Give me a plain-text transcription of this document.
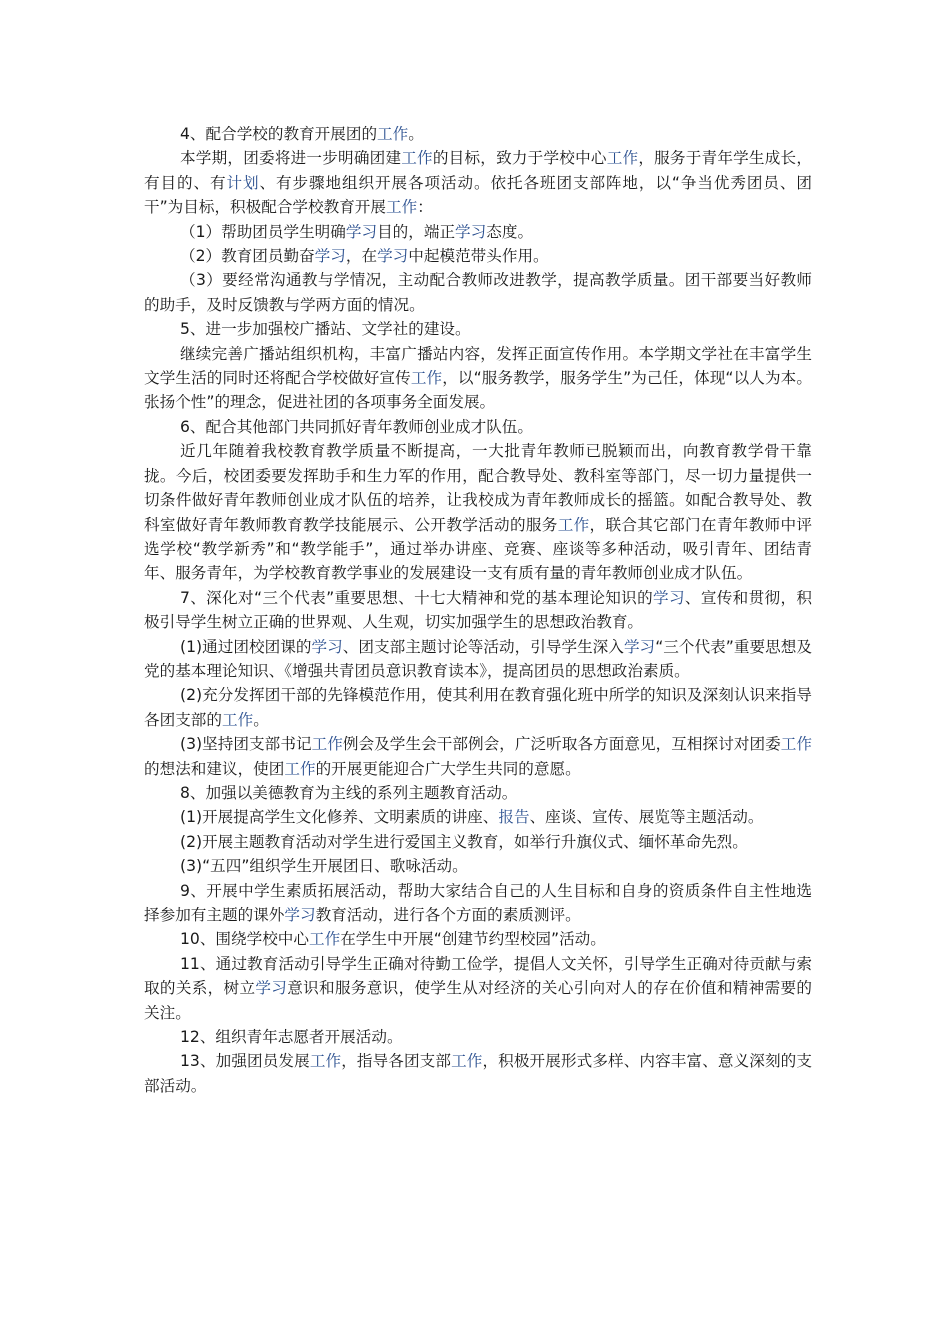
4、配合学校的教育开展团的工作。

本学期，团委将进一步明确团建工作的目标，致力于学校中心工作，服务于青年学生成长，有目的、有计划、有步骤地组织开展各项活动。依托各班团支部阵地，以“争当优秀团员、团干”为目标，积极配合学校教育开展工作：

（1）帮助团员学生明确学习目的，端正学习态度。

（2）教育团员勤奋学习，在学习中起模范带头作用。

（3）要经常沟通教与学情况，主动配合教师改进教学，提高教学质量。团干部要当好教师的助手，及时反馈教与学两方面的情况。

5、进一步加强校广播站、文学社的建设。

继续完善广播站组织机构，丰富广播站内容，发挥正面宣传作用。本学期文学社在丰富学生文学生活的同时还将配合学校做好宣传工作，以“服务教学，服务学生”为己任，体现“以人为本。张扬个性”的理念，促进社团的各项事务全面发展。

6、配合其他部门共同抓好青年教师创业成才队伍。

近几年随着我校教育教学质量不断提高，一大批青年教师已脱颖而出，向教育教学骨干靠拢。今后，校团委要发挥助手和生力军的作用，配合教导处、教科室等部门，尽一切力量提供一切条件做好青年教师创业成才队伍的培养，让我校成为青年教师成长的摇篮。如配合教导处、教科室做好青年教师教育教学技能展示、公开教学活动的服务工作，联合其它部门在青年教师中评选学校“教学新秀”和“教学能手”，通过举办讲座、竞赛、座谈等多种活动，吸引青年、团结青年、服务青年，为学校教育教学事业的发展建设一支有质有量的青年教师创业成才队伍。

7、深化对“三个代表”重要思想、十七大精神和党的基本理论知识的学习、宣传和贯彻，积极引导学生树立正确的世界观、人生观，切实加强学生的思想政治教育。

(1)通过团校团课的学习、团支部主题讨论等活动，引导学生深入学习“三个代表”重要思想及党的基本理论知识、《增强共青团员意识教育读本》，提高团员的思想政治素质。

(2)充分发挥团干部的先锋模范作用，使其利用在教育强化班中所学的知识及深刻认识来指导各团支部的工作。

(3)坚持团支部书记工作例会及学生会干部例会，广泛听取各方面意见，互相探讨对团委工作的想法和建议，使团工作的开展更能迎合广大学生共同的意愿。

8、加强以美德教育为主线的系列主题教育活动。

(1)开展提高学生文化修养、文明素质的讲座、报告、座谈、宣传、展览等主题活动。

(2)开展主题教育活动对学生进行爱国主义教育，如举行升旗仪式、缅怀革命先烈。

(3)“五四”组织学生开展团日、歌咏活动。

9、开展中学生素质拓展活动，帮助大家结合自己的人生目标和自身的资质条件自主性地选择参加有主题的课外学习教育活动，进行各个方面的素质测评。

10、围绕学校中心工作在学生中开展“创建节约型校园”活动。

11、通过教育活动引导学生正确对待勤工俭学，提倡人文关怀，引导学生正确对待贡献与索取的关系，树立学习意识和服务意识，使学生从对经济的关心引向对人的存在价值和精神需要的关注。

12、组织青年志愿者开展活动。

13、加强团员发展工作，指导各团支部工作，积极开展形式多样、内容丰富、意义深刻的支部活动。
